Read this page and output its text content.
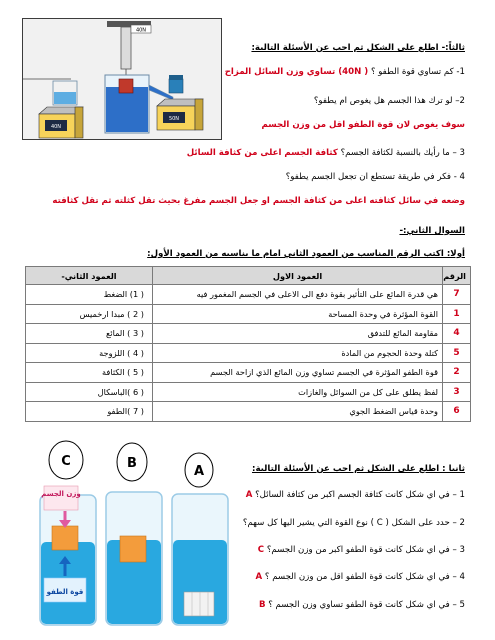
40N
40N
50N
ثالثاً:- اطلع على الشكل ثم اجب عن الأسئلة التالية:
1- كم تساوي قوة الطفو ؟ ( 40N) تساوي وزن السائل المزاح
2– لو ترك هذا الجسم هل يغوص ام يطفو؟
سوف يغوص لان قوة الطفو اقل من وزن الجسم
3 – ما رأيك بالنسبة لكثافة الجسم؟ كثافة الجسم اعلى من كثافة السائل
4 - فكر في طريقة تستطع ان تجعل الجسم يطفو؟
وضعه في سائل كثافته اعلى من كثافة الجسم او جعل الجسم مفرغ بحيث تقل كثلته ثم تقل كثافته
السوال الثاني:-
أولا: اكتب الرقم المناسب من العمود الثاني امام ما يناسبه من العمود الأول:
الرقم	العمود الاول	العمود الثاني-
7	هي قدرة المائع على التأثير بقوة دفع الى الاعلى في الجسم المغمور فيه	( 1) الضغط
1	القوة المؤثرة في وحدة المساحة	( 2 ) مبدا ارخميس
4	مقاومة المائع للتدفق	( 3 ) المائع
5	كتلة وحدة الحجوم من المادة	( 4 ) اللزوجة
2	قوة الطفو المؤثرة في الجسم تساوي وزن المائع الذي ازاحة الجسم	( 5 ) الكثافة
3	لفظ يطلق على كل من السوائل والغازات	( 6 )الباسكال
6	وحدة قياس الضغط الجوي	( 7 )الطفو
C	B
A
وزن الجسم
قوة الطفو
ثانيا : اطلع على الشكل ثم اجب عن الأسئلة التالية:
1 – في اي شكل كانت كثافة الجسم اكبر من كثافة السائل؟ A
2 – حدد على الشكل ( C ) نوع القوة التي يشير اليها كل سهم؟
3 – في اي شكل كانت قوة الطفو اكبر من وزن الجسم؟ C
4 – في اي شكل كانت قوة الطفو اقل من وزن الجسم ؟ A
5 – في اي شكل كانت قوة الطفو تساوي وزن الجسم ؟ B
